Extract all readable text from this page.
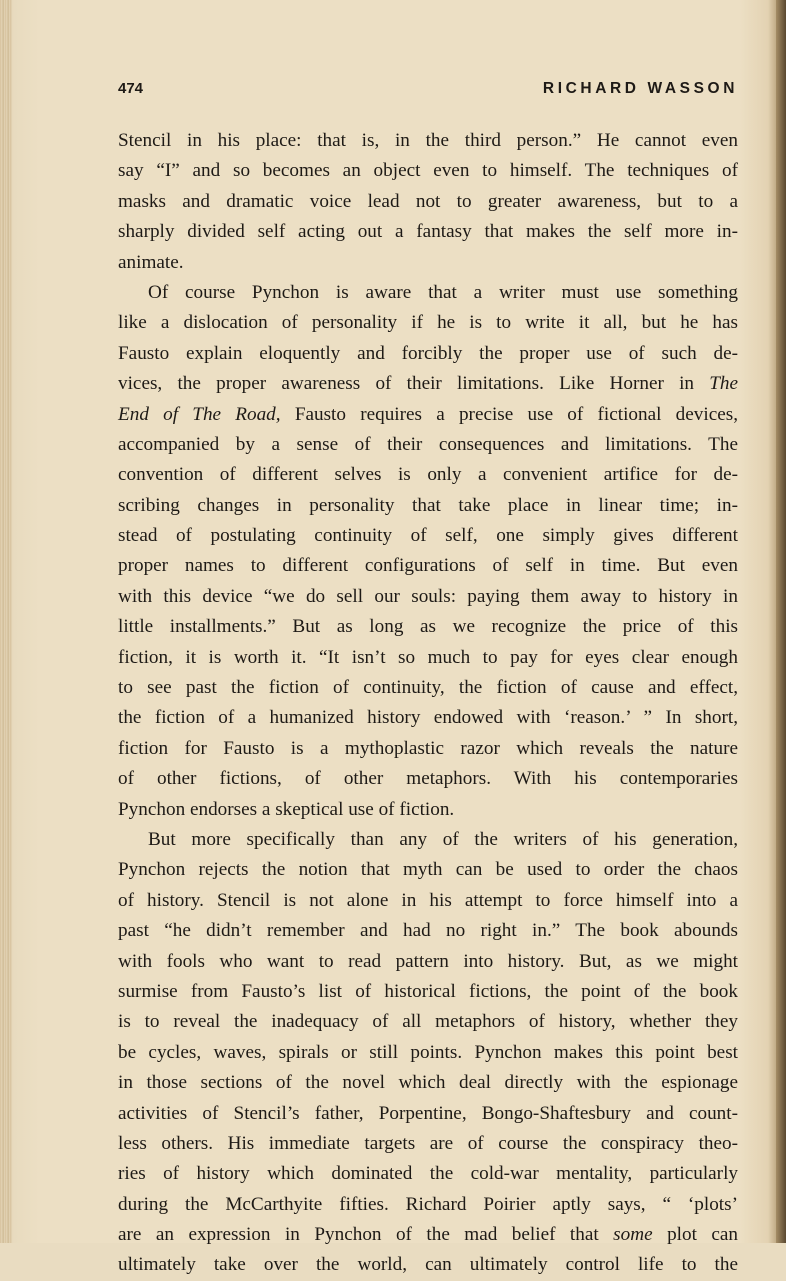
474	RICHARD WASSON
Stencil in his place: that is, in the third person.” He cannot even
say “I” and so becomes an object even to himself. The techniques of
masks and dramatic voice lead not to greater awareness, but to a
sharply divided self acting out a fantasy that makes the self more in-
animate.
Of course Pynchon is aware that a writer must use something
like a dislocation of personality if he is to write it all, but he has
Fausto explain eloquently and forcibly the proper use of such de-
vices, the proper awareness of their limitations. Like Horner in The
End of The Road, Fausto requires a precise use of fictional devices,
accompanied by a sense of their consequences and limitations. The
convention of different selves is only a convenient artifice for de-
scribing changes in personality that take place in linear time; in-
stead of postulating continuity of self, one simply gives different
proper names to different configurations of self in time. But even
with this device “we do sell our souls: paying them away to history in
little installments.” But as long as we recognize the price of this
fiction, it is worth it. “It isn’t so much to pay for eyes clear enough
to see past the fiction of continuity, the fiction of cause and effect,
the fiction of a humanized history endowed with ‘reason.’ ” In short,
fiction for Fausto is a mythoplastic razor which reveals the nature
of other fictions, of other metaphors. With his contemporaries
Pynchon endorses a skeptical use of fiction.
But more specifically than any of the writers of his generation,
Pynchon rejects the notion that myth can be used to order the chaos
of history. Stencil is not alone in his attempt to force himself into a
past “he didn’t remember and had no right in.” The book abounds
with fools who want to read pattern into history. But, as we might
surmise from Fausto’s list of historical fictions, the point of the book
is to reveal the inadequacy of all metaphors of history, whether they
be cycles, waves, spirals or still points. Pynchon makes this point best
in those sections of the novel which deal directly with the espionage
activities of Stencil’s father, Porpentine, Bongo-Shaftesbury and count-
less others. His immediate targets are of course the conspiracy theo-
ries of history which dominated the cold-war mentality, particularly
during the McCarthyite fifties. Richard Poirier aptly says, “ ‘plots’
are an expression in Pynchon of the mad belief that some plot can
ultimately take over the world, can ultimately control life to the
